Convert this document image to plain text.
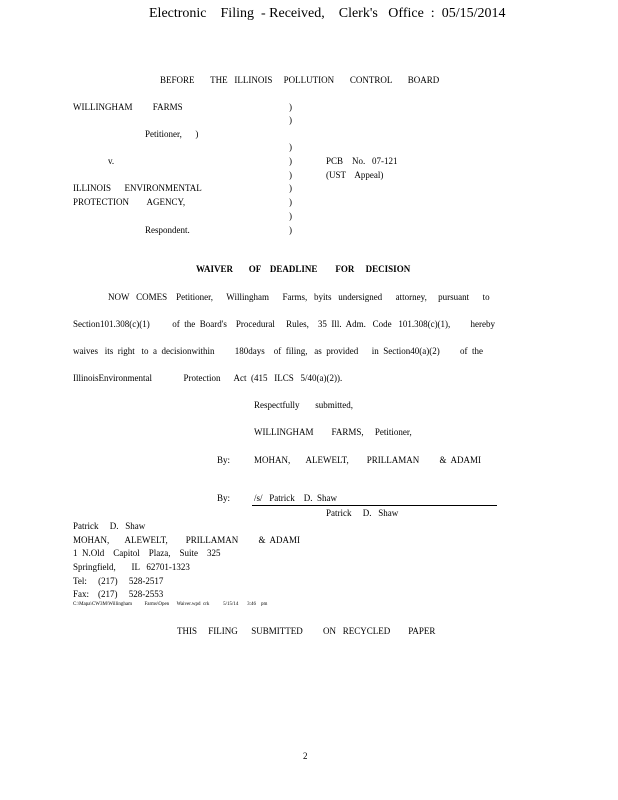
Electronic    Filing  - Received,    Clerk's   Office  :  05/15/2014
BEFORE       THE   ILLINOIS     POLLUTION       CONTROL       BOARD
WILLINGHAM         FARMS
Petitioner,      )
v.
ILLINOIS      ENVIRONMENTAL
PROTECTION        AGENCY,
Respondent.
)
)
)
)
)
)
)
)
)
PCB    No.   07-121
(UST    Appeal)
WAIVER       OF    DEADLINE        FOR     DECISION
NOW   COMES    Petitioner,      Willingham      Farms,   byits   undersigned      attorney,     pursuant      to
Section101.308(c)(1)          of  the  Board's    Procedural     Rules,    35  Ill.  Adm.   Code   101.308(c)(1),         hereby
waives   its  right   to  a  decisionwithin         180days    of  filing,   as  provided      in  Section40(a)(2)         of  the
IllinoisEnvironmental              Protection      Act  (415   ILCS   5/40(a)(2)).
Respectfully       submitted,
WILLINGHAM        FARMS,     Petitioner,
By:	MOHAN,       ALEWELT,        PRILLAMAN         &  ADAMI
By:	/s/   Patrick    D.  Shaw
Patrick     D.   Shaw
Patrick     D.   Shaw
MOHAN,       ALEWELT,        PRILLAMAN         &  ADAMI
1  N.Old    Capitol    Plaza,    Suite    325
Springfield,       IL   62701-1323
Tel:     (217)     528-2517
Fax:    (217)     528-2553
C:\Mapa\CW3M\Willingham          Farms\Open      Waiver.wpd  crk           5/15/14       3:46    pm
THIS     FILING      SUBMITTED         ON   RECYCLED        PAPER
2
